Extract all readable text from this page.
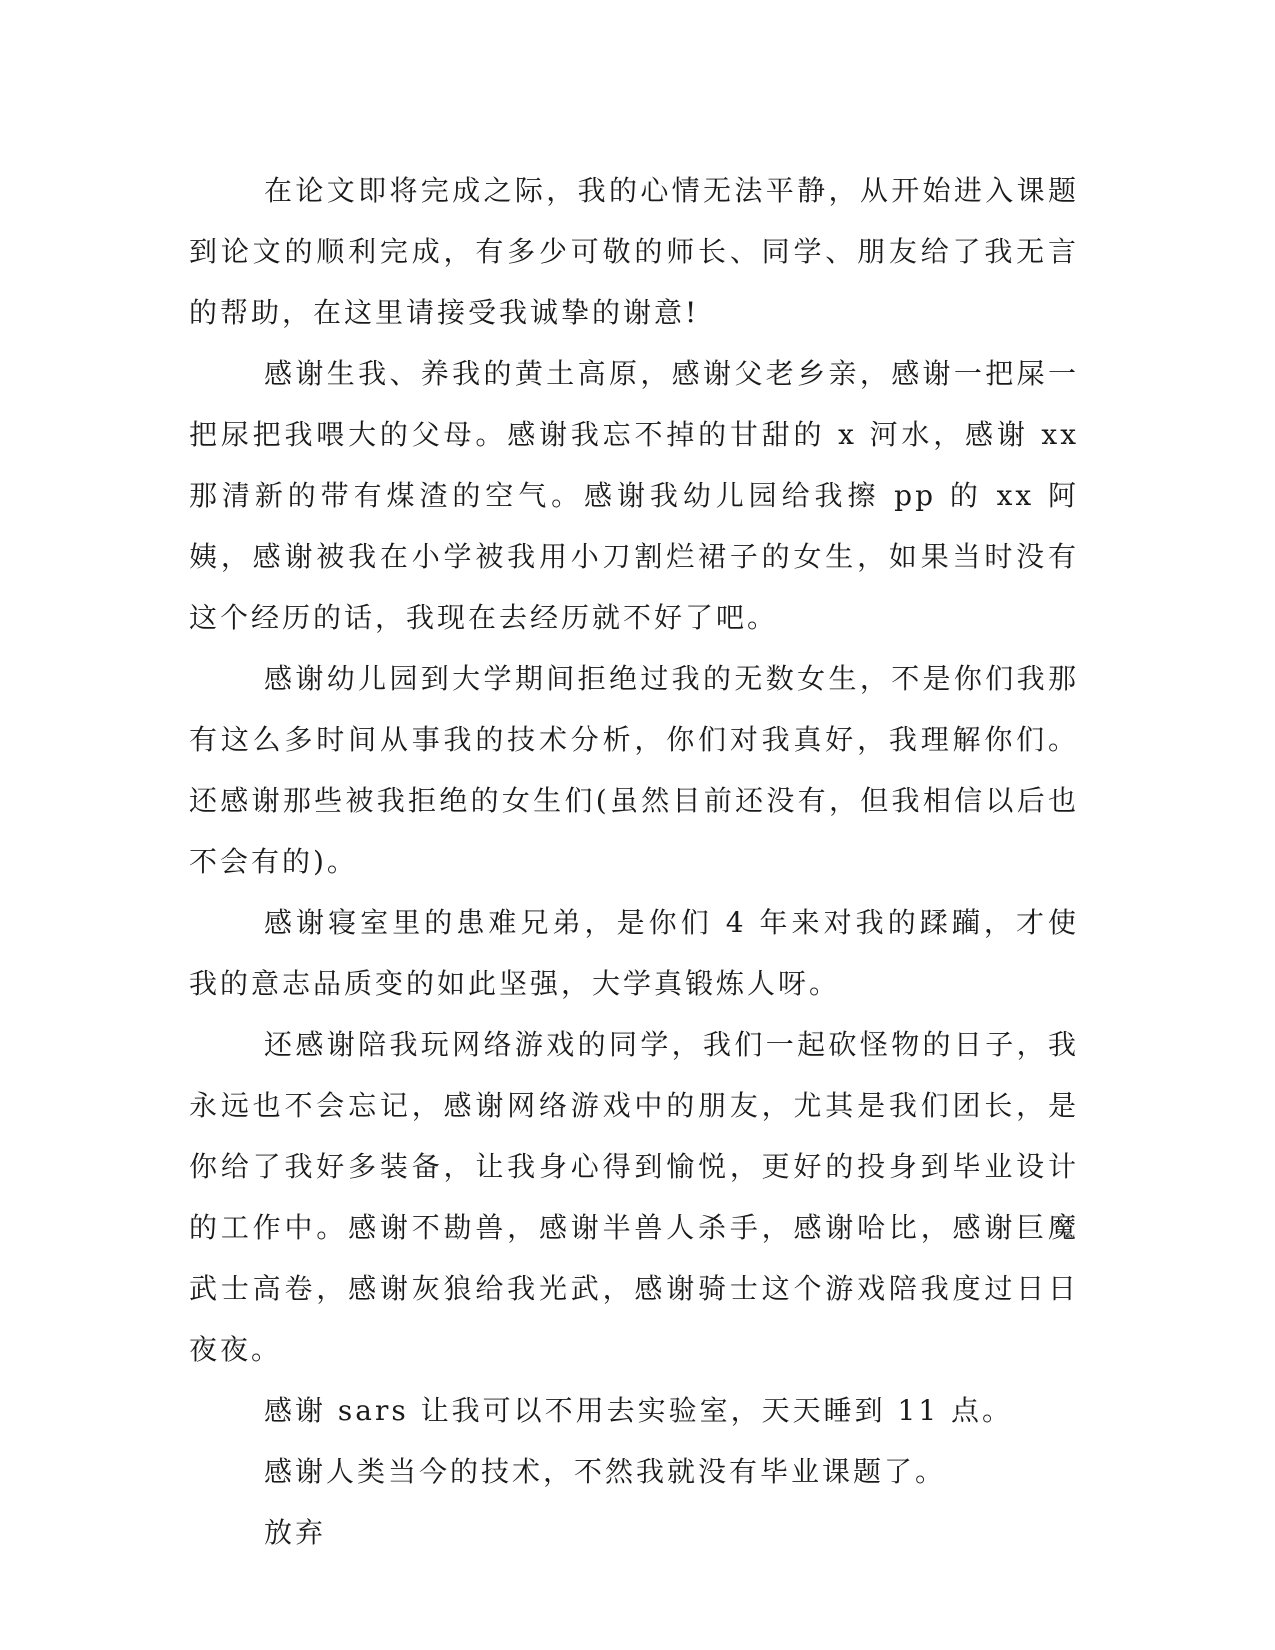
在论文即将完成之际，我的心情无法平静，从开始进入课题到论文的顺利完成，有多少可敬的师长、同学、朋友给了我无言的帮助，在这里请接受我诚挚的谢意!

感谢生我、养我的黄土高原，感谢父老乡亲，感谢一把屎一把尿把我喂大的父母。感谢我忘不掉的甘甜的 x 河水，感谢 xx 那清新的带有煤渣的空气。感谢我幼儿园给我擦 pp 的 xx 阿姨，感谢被我在小学被我用小刀割烂裙子的女生，如果当时没有这个经历的话，我现在去经历就不好了吧。

感谢幼儿园到大学期间拒绝过我的无数女生，不是你们我那有这么多时间从事我的技术分析，你们对我真好，我理解你们。还感谢那些被我拒绝的女生们(虽然目前还没有，但我相信以后也不会有的)。

感谢寝室里的患难兄弟，是你们 4 年来对我的蹂躏，才使我的意志品质变的如此坚强，大学真锻炼人呀。

还感谢陪我玩网络游戏的同学，我们一起砍怪物的日子，我永远也不会忘记，感谢网络游戏中的朋友，尤其是我们团长，是你给了我好多装备，让我身心得到愉悦，更好的投身到毕业设计的工作中。感谢不勘兽，感谢半兽人杀手，感谢哈比，感谢巨魔武士高卷，感谢灰狼给我光武，感谢骑士这个游戏陪我度过日日夜夜。

感谢 sars 让我可以不用去实验室，天天睡到 11 点。

感谢人类当今的技术，不然我就没有毕业课题了。

放弃
